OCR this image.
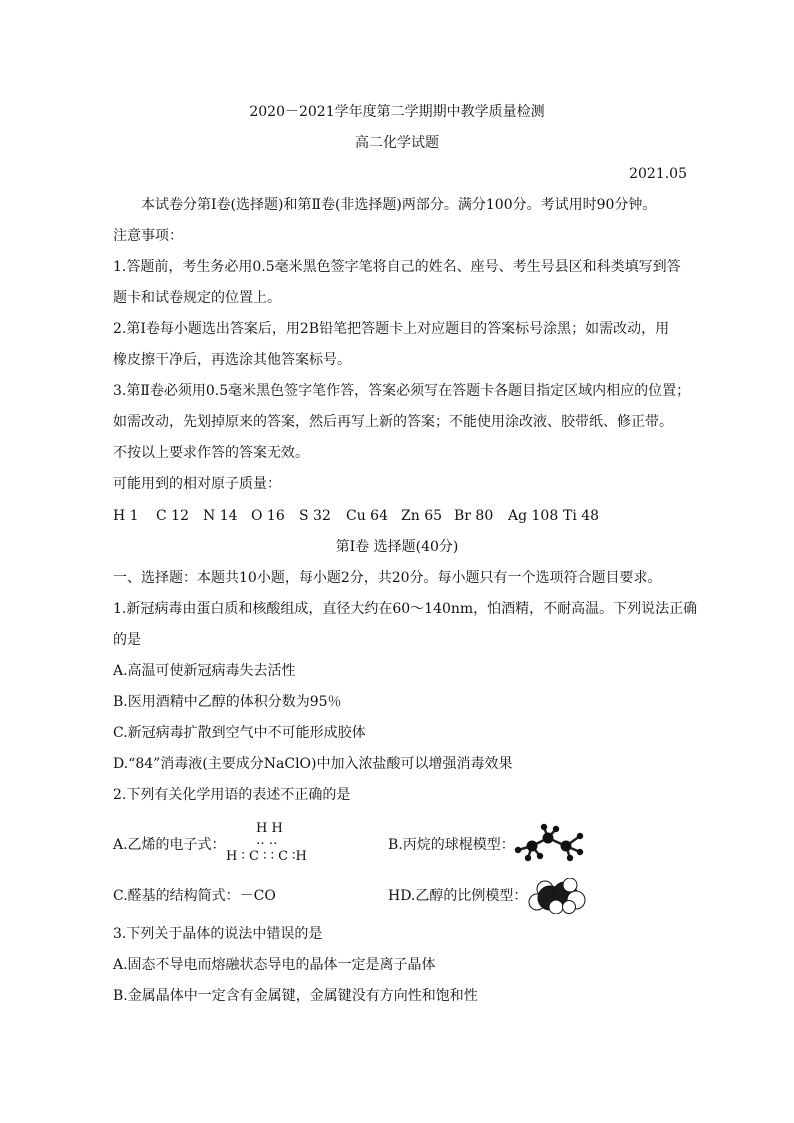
2020－2021学年度第二学期期中教学质量检测
高二化学试题
2021.05
本试卷分第Ⅰ卷(选择题)和第Ⅱ卷(非选择题)两部分。满分100分。考试用时90分钟。
注意事项：
1.答题前，考生务必用0.5毫米黑色签字笔将自己的姓名、座号、考生号县区和科类填写到答
题卡和试卷规定的位置上。
2.第Ⅰ卷每小题选出答案后，用2B铅笔把答题卡上对应题目的答案标号涂黑；如需改动，用
橡皮擦干净后，再选涂其他答案标号。
3.第Ⅱ卷必须用0.5毫米黑色签字笔作答，答案必须写在答题卡各题目指定区域内相应的位置；
如需改动，先划掉原来的答案，然后再写上新的答案；不能使用涂改液、胶带纸、修正带。
不按以上要求作答的答案无效。
可能用到的相对原子质量：
H 1 C 12 N 14 O 16 S 32 Cu 64 Zn 65 Br 80 Ag 108 Ti 48
第Ⅰ卷 选择题(40分)
一、选择题：本题共10小题，每小题2分，共20分。每小题只有一个选项符合题目要求。
1.新冠病毒由蛋白质和核酸组成，直径大约在60～140nm，怕酒精，不耐高温。下列说法正确
的是
A.高温可使新冠病毒失去活性
B.医用酒精中乙醇的体积分数为95％
C.新冠病毒扩散到空气中不可能形成胶体
D.“84”消毒液(主要成分NaClO)中加入浓盐酸可以增强消毒效果
2.下列有关化学用语的表述不正确的是
A.乙烯的电子式：
H H
‥ ‥
H ∶ C ∶ ∶ C ∶H
B.丙烷的球棍模型：
C.醛基的结构简式：－CO	HD.乙醇的比例模型：
3.下列关于晶体的说法中错误的是
A.固态不导电而熔融状态导电的晶体一定是离子晶体
B.金属晶体中一定含有金属键，金属键没有方向性和饱和性
